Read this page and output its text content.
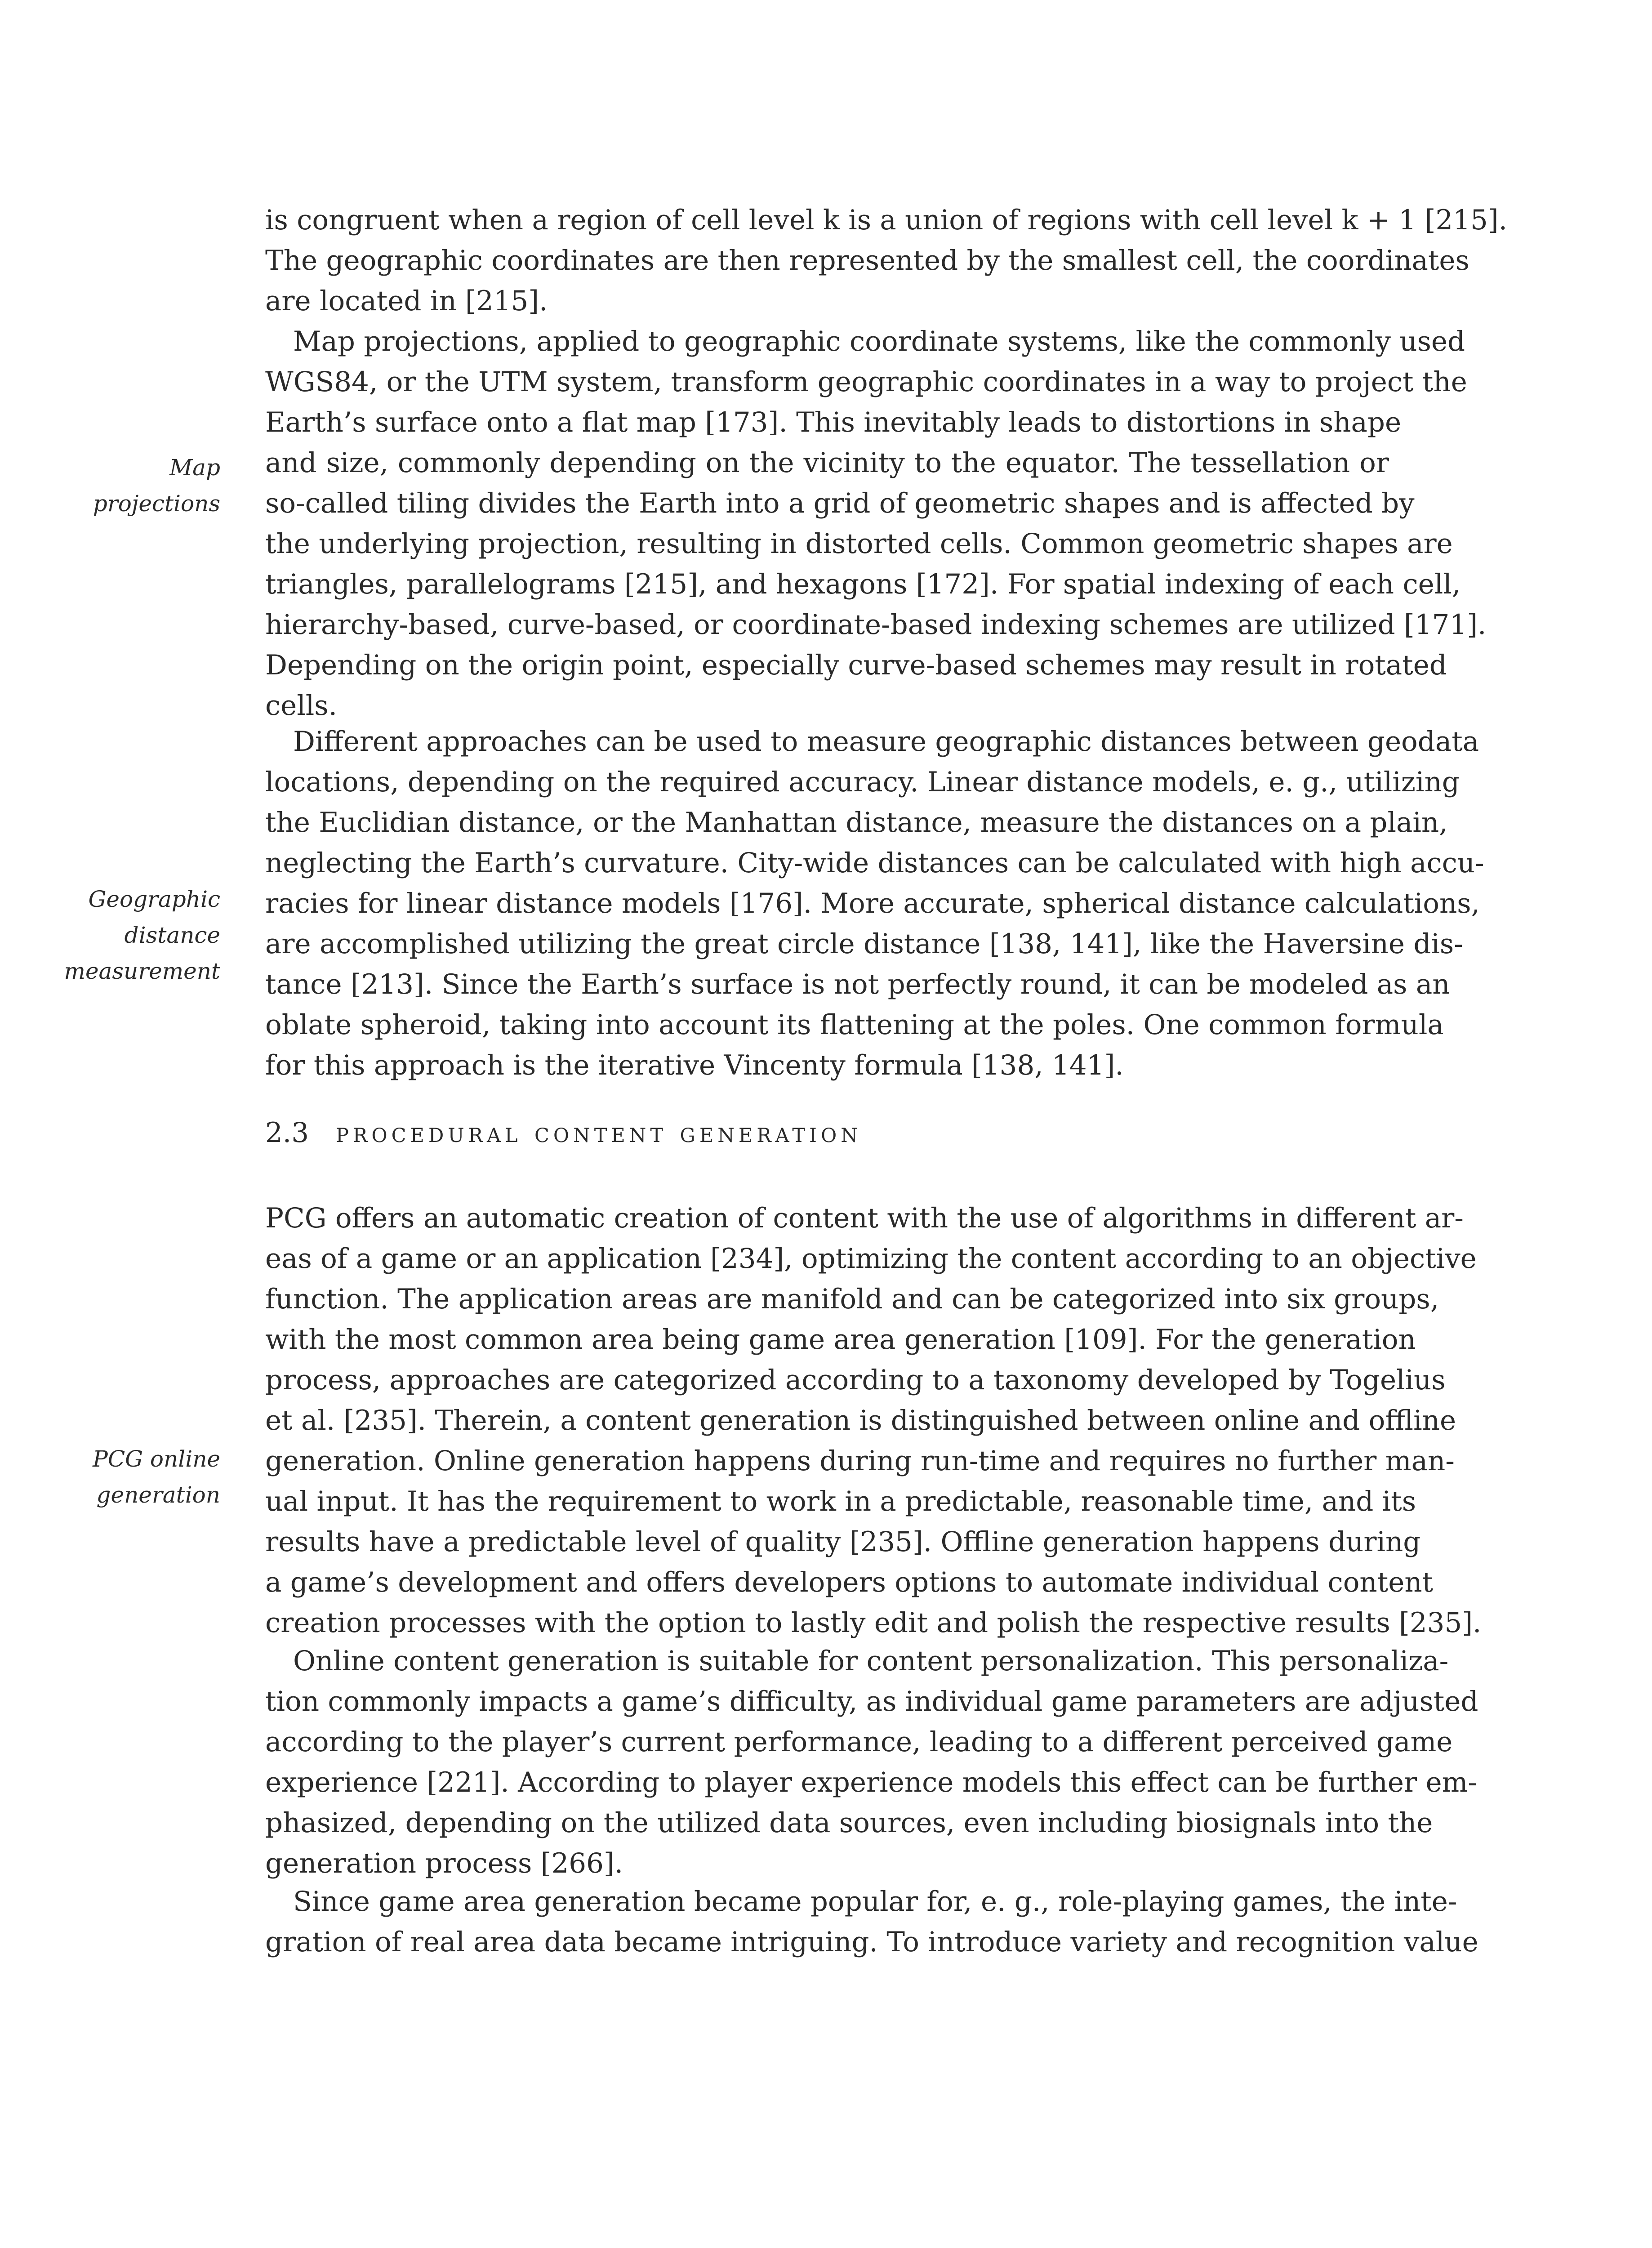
Map
projections

Geographic
distance
measurement

PCG online
generation

is congruent when a region of cell level k is a union of regions with cell level k + 1 [215].
The geographic coordinates are then represented by the smallest cell, the coordinates
are located in [215].
Map projections, applied to geographic coordinate systems, like the commonly used
WGS84, or the UTM system, transform geographic coordinates in a way to project the
Earth’s surface onto a flat map [173]. This inevitably leads to distortions in shape
and size, commonly depending on the vicinity to the equator. The tessellation or
so-called tiling divides the Earth into a grid of geometric shapes and is affected by
the underlying projection, resulting in distorted cells. Common geometric shapes are
triangles, parallelograms [215], and hexagons [172]. For spatial indexing of each cell,
hierarchy-based, curve-based, or coordinate-based indexing schemes are utilized [171].
Depending on the origin point, especially curve-based schemes may result in rotated
cells.
Different approaches can be used to measure geographic distances between geodata
locations, depending on the required accuracy. Linear distance models, e. g., utilizing
the Euclidian distance, or the Manhattan distance, measure the distances on a plain,
neglecting the Earth’s curvature. City-wide distances can be calculated with high accu-
racies for linear distance models [176]. More accurate, spherical distance calculations,
are accomplished utilizing the great circle distance [138, 141], like the Haversine dis-
tance [213]. Since the Earth’s surface is not perfectly round, it can be modeled as an
oblate spheroid, taking into account its flattening at the poles. One common formula
for this approach is the iterative Vincenty formula [138, 141].
2.3 procedural content generation
PCG offers an automatic creation of content with the use of algorithms in different ar-
eas of a game or an application [234], optimizing the content according to an objective
function. The application areas are manifold and can be categorized into six groups,
with the most common area being game area generation [109]. For the generation
process, approaches are categorized according to a taxonomy developed by Togelius
et al. [235]. Therein, a content generation is distinguished between online and offline
generation. Online generation happens during run-time and requires no further man-
ual input. It has the requirement to work in a predictable, reasonable time, and its
results have a predictable level of quality [235]. Offline generation happens during
a game’s development and offers developers options to automate individual content
creation processes with the option to lastly edit and polish the respective results [235].
Online content generation is suitable for content personalization. This personaliza-
tion commonly impacts a game’s difficulty, as individual game parameters are adjusted
according to the player’s current performance, leading to a different perceived game
experience [221]. According to player experience models this effect can be further em-
phasized, depending on the utilized data sources, even including biosignals into the
generation process [266].
Since game area generation became popular for, e. g., role-playing games, the inte-
gration of real area data became intriguing. To introduce variety and recognition value
